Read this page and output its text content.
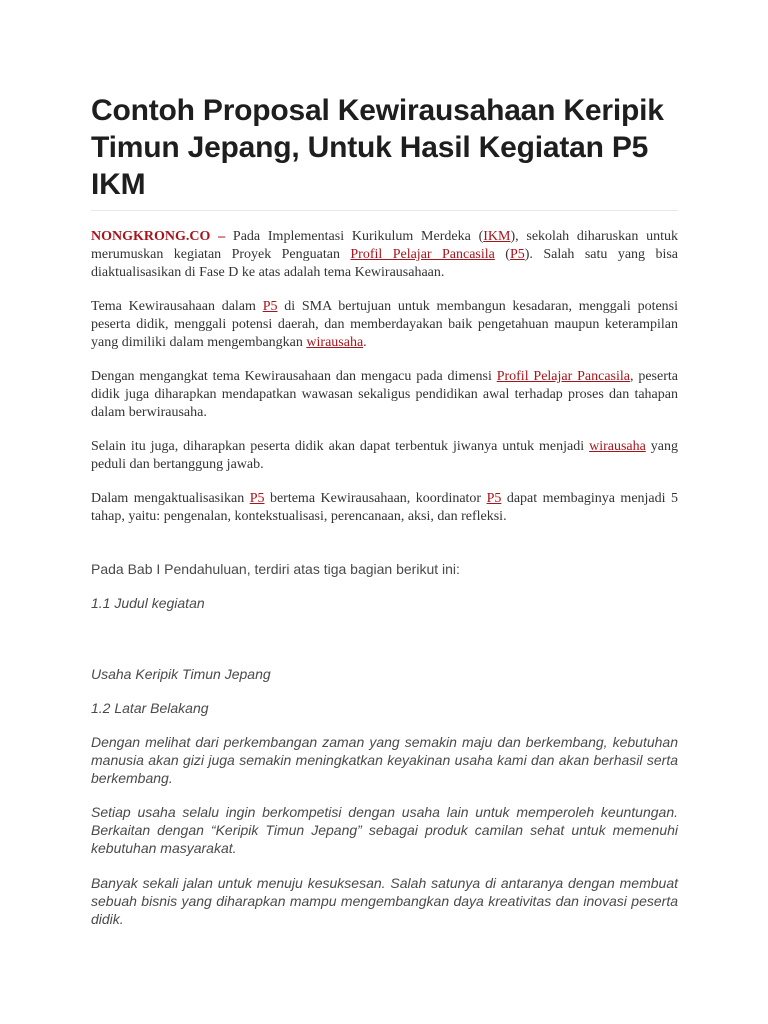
Contoh Proposal Kewirausahaan Keripik Timun Jepang, Untuk Hasil Kegiatan P5 IKM

NONGKRONG.CO – Pada Implementasi Kurikulum Merdeka (IKM), sekolah diharuskan untuk merumuskan kegiatan Proyek Penguatan Profil Pelajar Pancasila (P5). Salah satu yang bisa diaktualisasikan di Fase D ke atas adalah tema Kewirausahaan.

Tema Kewirausahaan dalam P5 di SMA bertujuan untuk membangun kesadaran, menggali potensi peserta didik, menggali potensi daerah, dan memberdayakan baik pengetahuan maupun keterampilan yang dimiliki dalam mengembangkan wirausaha.

Dengan mengangkat tema Kewirausahaan dan mengacu pada dimensi Profil Pelajar Pancasila, peserta didik juga diharapkan mendapatkan wawasan sekaligus pendidikan awal terhadap proses dan tahapan dalam berwirausaha.

Selain itu juga, diharapkan peserta didik akan dapat terbentuk jiwanya untuk menjadi wirausaha yang peduli dan bertanggung jawab.

Dalam mengaktualisasikan P5 bertema Kewirausahaan, koordinator P5 dapat membaginya menjadi 5 tahap, yaitu: pengenalan, kontekstualisasi, perencanaan, aksi, dan refleksi.

Pada Bab I Pendahuluan, terdiri atas tiga bagian berikut ini:

1.1 Judul kegiatan

Usaha Keripik Timun Jepang

1.2 Latar Belakang

Dengan melihat dari perkembangan zaman yang semakin maju dan berkembang, kebutuhan manusia akan gizi juga semakin meningkatkan keyakinan usaha kami dan akan berhasil serta berkembang.

Setiap usaha selalu ingin berkompetisi dengan usaha lain untuk memperoleh keuntungan. Berkaitan dengan “Keripik Timun Jepang” sebagai produk camilan sehat untuk memenuhi kebutuhan masyarakat.

Banyak sekali jalan untuk menuju kesuksesan. Salah satunya di antaranya dengan membuat sebuah bisnis yang diharapkan mampu mengembangkan daya kreativitas dan inovasi peserta didik.
